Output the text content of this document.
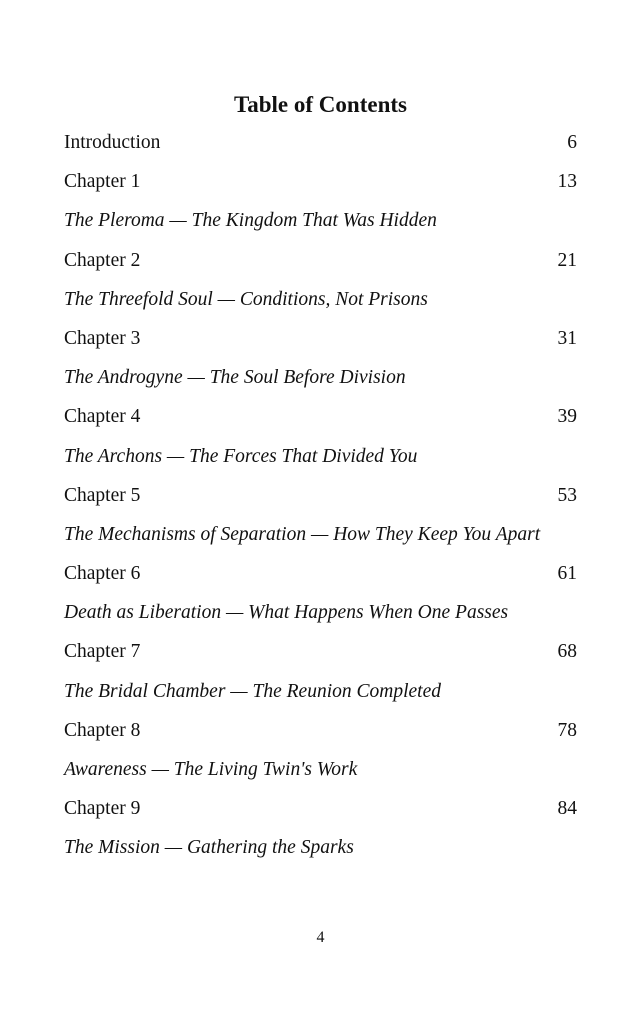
Table of Contents
Introduction	6
Chapter 1	13
The Pleroma — The Kingdom That Was Hidden
Chapter 2	21
The Threefold Soul — Conditions, Not Prisons
Chapter 3	31
The Androgyne — The Soul Before Division
Chapter 4	39
The Archons — The Forces That Divided You
Chapter 5	53
The Mechanisms of Separation — How They Keep You Apart
Chapter 6	61
Death as Liberation — What Happens When One Passes
Chapter 7	68
The Bridal Chamber — The Reunion Completed
Chapter 8	78
Awareness — The Living Twin's Work
Chapter 9	84
The Mission — Gathering the Sparks
4
